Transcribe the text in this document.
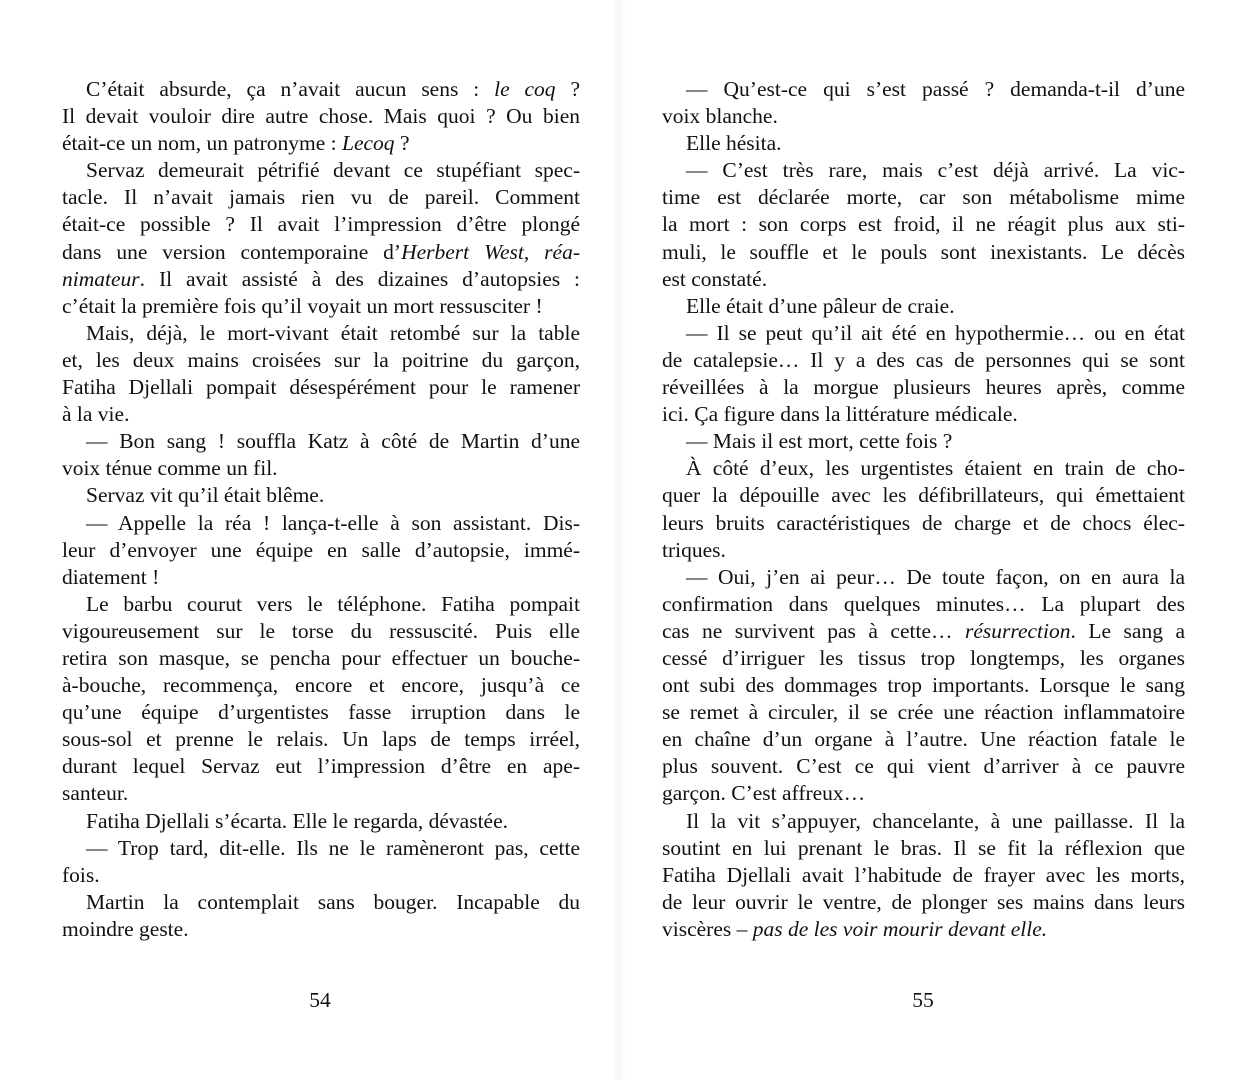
C’était absurde, ça n’avait aucun sens : le coq ?
Il devait vouloir dire autre chose. Mais quoi ? Ou bien
était-ce un nom, un patronyme : Lecoq ?
Servaz demeurait pétrifié devant ce stupéfiant spec-
tacle. Il n’avait jamais rien vu de pareil. Comment
était-ce possible ? Il avait l’impression d’être plongé
dans une version contemporaine d’Herbert West, réa-
nimateur. Il avait assisté à des dizaines d’autopsies :
c’était la première fois qu’il voyait un mort ressusciter !
Mais, déjà, le mort-vivant était retombé sur la table
et, les deux mains croisées sur la poitrine du garçon,
Fatiha Djellali pompait désespérément pour le ramener
à la vie.
— Bon sang ! souffla Katz à côté de Martin d’une
voix ténue comme un fil.
Servaz vit qu’il était blême.
— Appelle la réa ! lança-t-elle à son assistant. Dis-
leur d’envoyer une équipe en salle d’autopsie, immé-
diatement !
Le barbu courut vers le téléphone. Fatiha pompait
vigoureusement sur le torse du ressuscité. Puis elle
retira son masque, se pencha pour effectuer un bouche-
à-bouche, recommença, encore et encore, jusqu’à ce
qu’une équipe d’urgentistes fasse irruption dans le
sous-sol et prenne le relais. Un laps de temps irréel,
durant lequel Servaz eut l’impression d’être en ape-
santeur.
Fatiha Djellali s’écarta. Elle le regarda, dévastée.
— Trop tard, dit-elle. Ils ne le ramèneront pas, cette
fois.
Martin la contemplait sans bouger. Incapable du
moindre geste.
54
— Qu’est-ce qui s’est passé ? demanda-t-il d’une
voix blanche.
Elle hésita.
— C’est très rare, mais c’est déjà arrivé. La vic-
time est déclarée morte, car son métabolisme mime
la mort : son corps est froid, il ne réagit plus aux sti-
muli, le souffle et le pouls sont inexistants. Le décès
est constaté.
Elle était d’une pâleur de craie.
— Il se peut qu’il ait été en hypothermie… ou en état
de catalepsie… Il y a des cas de personnes qui se sont
réveillées à la morgue plusieurs heures après, comme
ici. Ça figure dans la littérature médicale.
— Mais il est mort, cette fois ?
À côté d’eux, les urgentistes étaient en train de cho-
quer la dépouille avec les défibrillateurs, qui émettaient
leurs bruits caractéristiques de charge et de chocs élec-
triques.
— Oui, j’en ai peur… De toute façon, on en aura la
confirmation dans quelques minutes… La plupart des
cas ne survivent pas à cette… résurrection. Le sang a
cessé d’irriguer les tissus trop longtemps, les organes
ont subi des dommages trop importants. Lorsque le sang
se remet à circuler, il se crée une réaction inflammatoire
en chaîne d’un organe à l’autre. Une réaction fatale le
plus souvent. C’est ce qui vient d’arriver à ce pauvre
garçon. C’est affreux…
Il la vit s’appuyer, chancelante, à une paillasse. Il la
soutint en lui prenant le bras. Il se fit la réflexion que
Fatiha Djellali avait l’habitude de frayer avec les morts,
de leur ouvrir le ventre, de plonger ses mains dans leurs
viscères – pas de les voir mourir devant elle.
55
